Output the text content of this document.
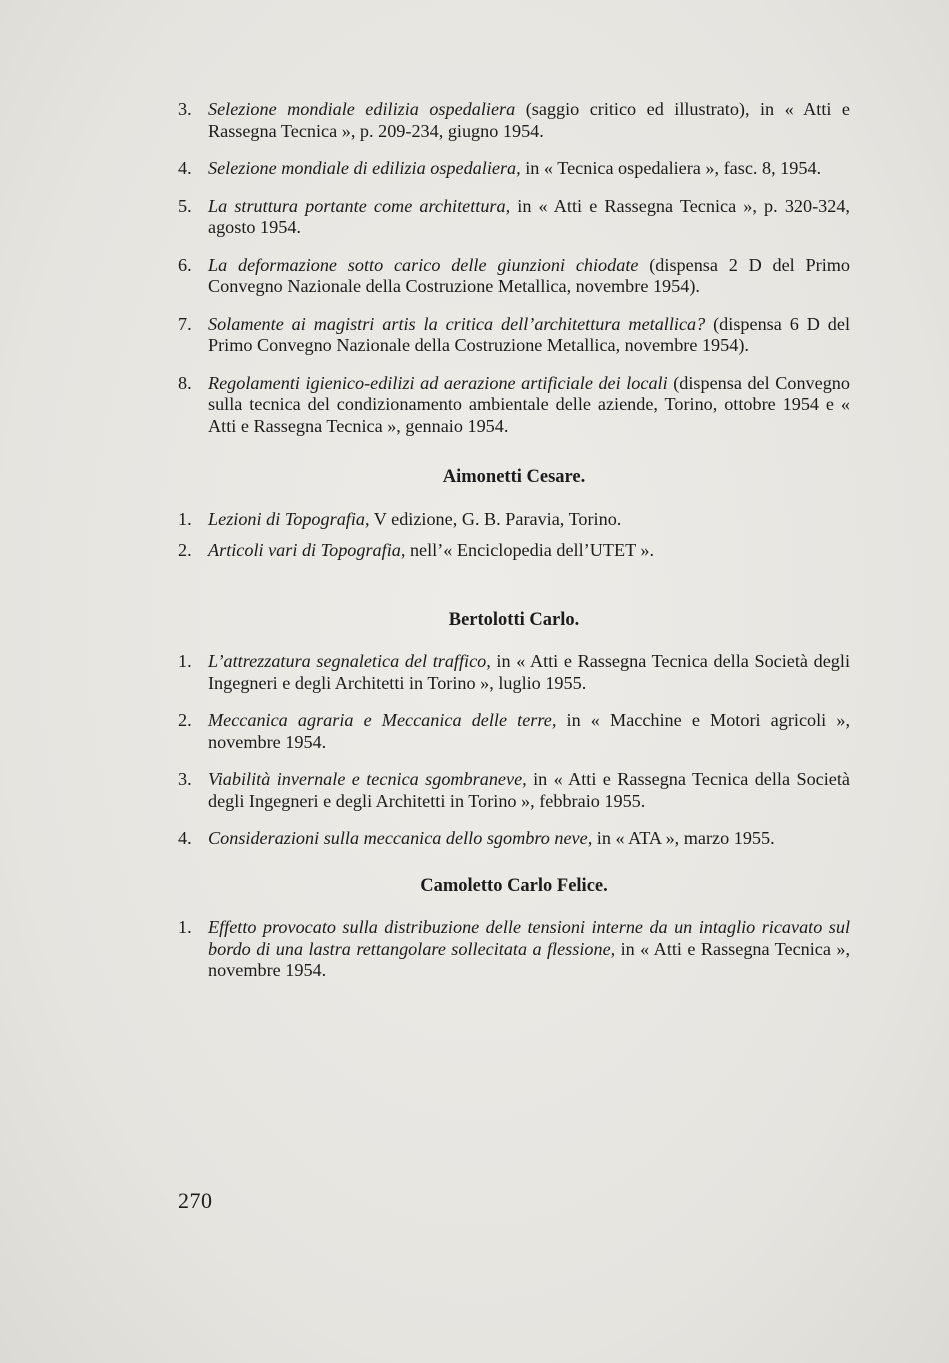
3. Selezione mondiale edilizia ospedaliera (saggio critico ed illustrato), in « Atti e Rassegna Tecnica », p. 209-234, giugno 1954.
4. Selezione mondiale di edilizia ospedaliera, in « Tecnica ospedaliera », fasc. 8, 1954.
5. La struttura portante come architettura, in « Atti e Rassegna Tecnica », p. 320-324, agosto 1954.
6. La deformazione sotto carico delle giunzioni chiodate (dispensa 2 D del Primo Convegno Nazionale della Costruzione Metallica, novembre 1954).
7. Solamente ai magistri artis la critica dell’architettura metallica? (dispensa 6 D del Primo Convegno Nazionale della Costruzione Metallica, novembre 1954).
8. Regolamenti igienico-edilizi ad aerazione artificiale dei locali (dispensa del Convegno sulla tecnica del condizionamento ambientale delle aziende, Torino, ottobre 1954 e « Atti e Rassegna Tecnica », gennaio 1954.
Aimonetti Cesare.
1. Lezioni di Topografia, V edizione, G. B. Paravia, Torino.
2. Articoli vari di Topografia, nell’« Enciclopedia dell’UTET ».
Bertolotti Carlo.
1. L’attrezzatura segnaletica del traffico, in « Atti e Rassegna Tecnica della Società degli Ingegneri e degli Architetti in Torino », luglio 1955.
2. Meccanica agraria e Meccanica delle terre, in « Macchine e Motori agricoli », novembre 1954.
3. Viabilità invernale e tecnica sgombraneve, in « Atti e Rassegna Tecnica della Società degli Ingegneri e degli Architetti in Torino », febbraio 1955.
4. Considerazioni sulla meccanica dello sgombro neve, in « ATA », marzo 1955.
Camoletto Carlo Felice.
1. Effetto provocato sulla distribuzione delle tensioni interne da un intaglio ricavato sul bordo di una lastra rettangolare sollecitata a flessione, in « Atti e Rassegna Tecnica », novembre 1954.
270
